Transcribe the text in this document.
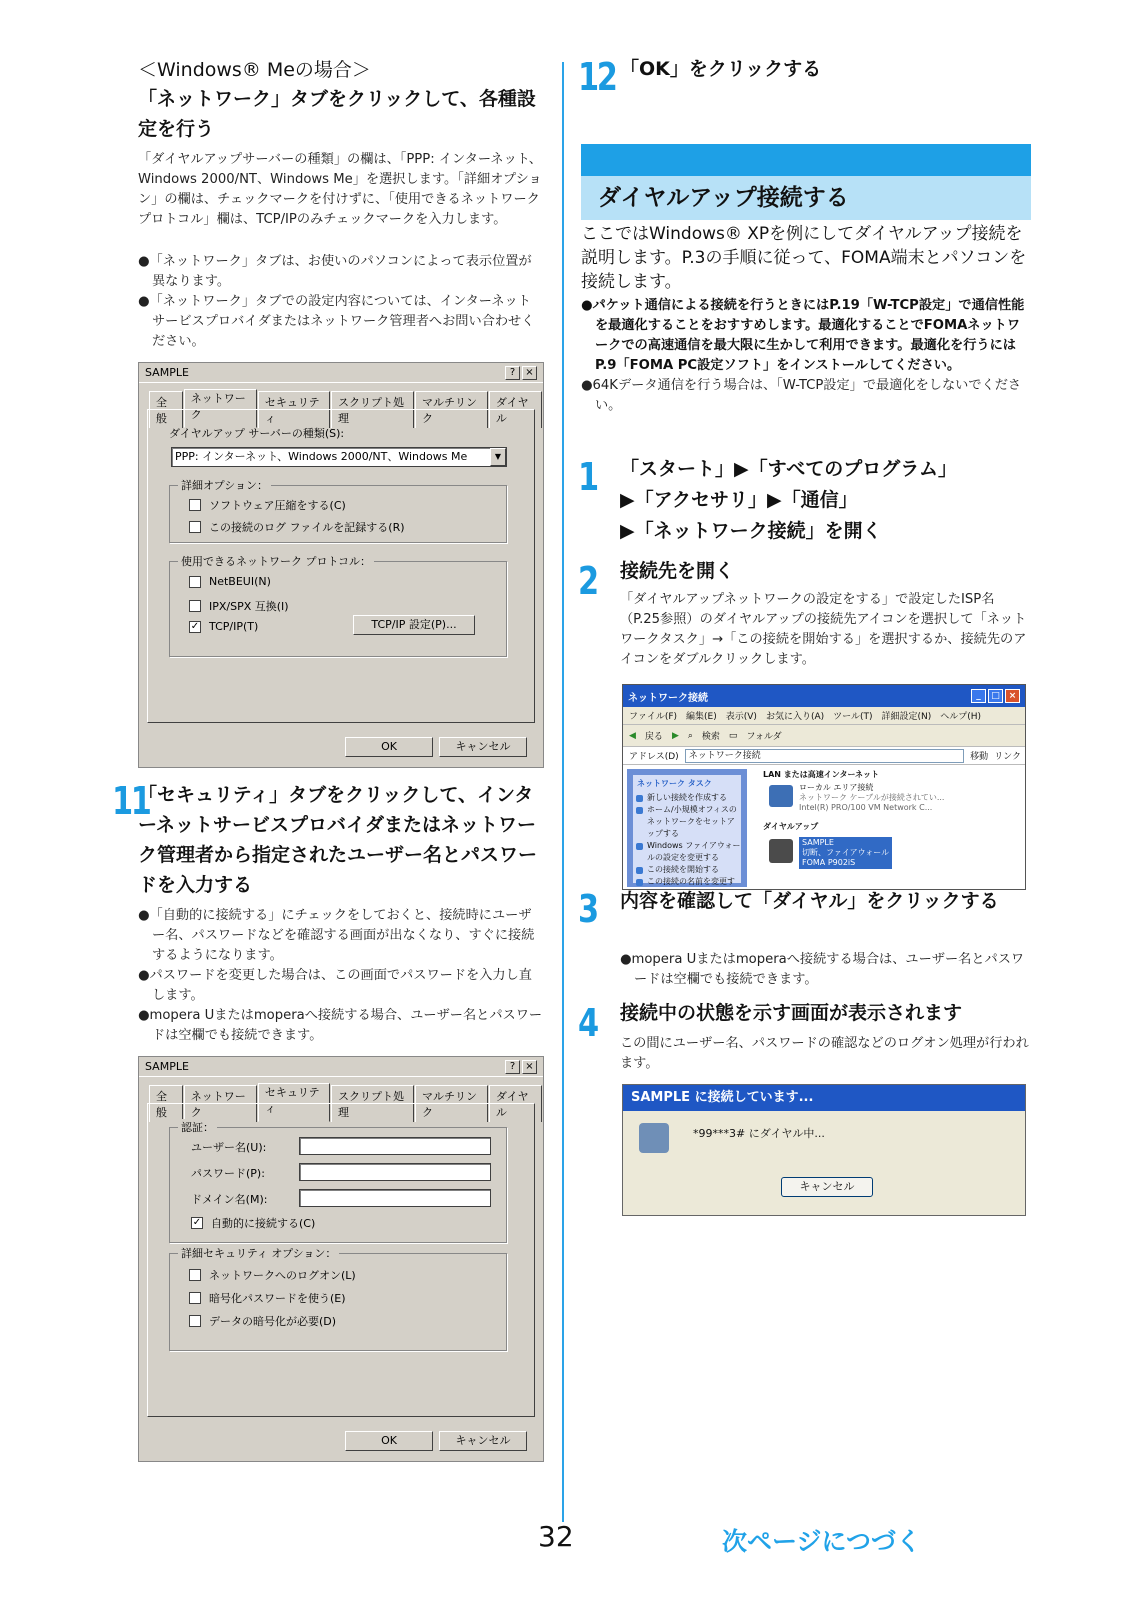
＜Windows® Meの場合＞
「ネットワーク」タブをクリックして、各種設定を行う
「ダイヤルアップサーバーの種類」の欄は、「PPP: インターネット、Windows 2000/NT、Windows Me」を選択します。「詳細オプション」の欄は、チェックマークを付けずに、「使用できるネットワークプロトコル」欄は、TCP/IPのみチェックマークを入力します。
●「ネットワーク」タブは、お使いのパソコンによって表示位置が異なります。
●「ネットワーク」タブでの設定内容については、インターネットサービスプロバイダまたはネットワーク管理者へお問い合わせください。
SAMPLE	? ×
全般
ネットワーク
セキュリティ
スクリプト処理
マルチリンク
ダイヤル
ダイヤルアップ サーバーの種類(S):
PPP: インターネット、Windows 2000/NT、Windows Me	▼
詳細オプション：
ソフトウェア圧縮をする(C)
この接続のログ ファイルを記録する(R)
使用できるネットワーク プロトコル：
NetBEUI(N)
IPX/SPX 互換(I)
✓ TCP/IP(T)	TCP/IP 設定(P)...
OK	キャンセル
11
「セキュリティ」タブをクリックして、インターネットサービスプロバイダまたはネットワーク管理者から指定されたユーザー名とパスワードを入力する
●「自動的に接続する」にチェックをしておくと、接続時にユーザー名、パスワードなどを確認する画面が出なくなり、すぐに接続するようになります。
●パスワードを変更した場合は、この画面でパスワードを入力し直します。
●mopera Uまたはmoperaへ接続する場合、ユーザー名とパスワードは空欄でも接続できます。
SAMPLE	? ×
全般
ネットワーク
セキュリティ
スクリプト処理
マルチリンク
ダイヤル
認証：
ユーザー名(U):
パスワード(P):
ドメイン名(M):
✓ 自動的に接続する(C)
詳細セキュリティ オプション：
ネットワークへのログオン(L)
暗号化パスワードを使う(E)
データの暗号化が必要(D)
OK	キャンセル
12 「OK」をクリックする
ダイヤルアップ接続する
ここではWindows® XPを例にしてダイヤルアップ接続を説明します。P.3の手順に従って、FOMA端末とパソコンを接続します。
●パケット通信による接続を行うときにはP.19「W-TCP設定」で通信性能を最適化することをおすすめします。最適化することでFOMAネットワークでの高速通信を最大限に生かして利用できます。最適化を行うにはP.9「FOMA PC設定ソフト」をインストールしてください。
●64Kデータ通信を行う場合は、「W-TCP設定」で最適化をしないでください。
1 「スタート」▶「すべてのプログラム」
▶「アクセサリ」▶「通信」
▶「ネットワーク接続」を開く
2 接続先を開く
「ダイヤルアップネットワークの設定をする」で設定したISP名（P.25参照）のダイヤルアップの接続先アイコンを選択して「ネットワークタスク」→「この接続を開始する」を選択するか、接続先のアイコンをダブルクリックします。
ネットワーク接続	_ □ ×
ファイル(F) 編集(E) 表示(V) お気に入り(A) ツール(T) 詳細設定(N) ヘルプ(H)
◀ 戻る ▶ ⌕ 検索 ▭ フォルダ
アドレス(D)	ネットワーク接続	移動 リンク
ネットワーク タスク
新しい接続を作成する
ホーム/小規模オフィスのネットワークをセットアップする
Windows ファイアウォールの設定を変更する
この接続を開始する
この接続の名前を変更す
LAN または高速インターネット
ローカル エリア接続
ネットワーク ケーブルが接続されてい...
Intel(R) PRO/100 VM Network C...
ダイヤルアップ
SAMPLE
切断、ファイアウォール
FOMA P902iS
3 内容を確認して「ダイヤル」をクリックする
●mopera Uまたはmoperaへ接続する場合は、ユーザー名とパスワードは空欄でも接続できます。
4 接続中の状態を示す画面が表示されます
この間にユーザー名、パスワードの確認などのログオン処理が行われます。
SAMPLE に接続しています...
*99***3# にダイヤル中...
キャンセル
32	次ページにつづく
